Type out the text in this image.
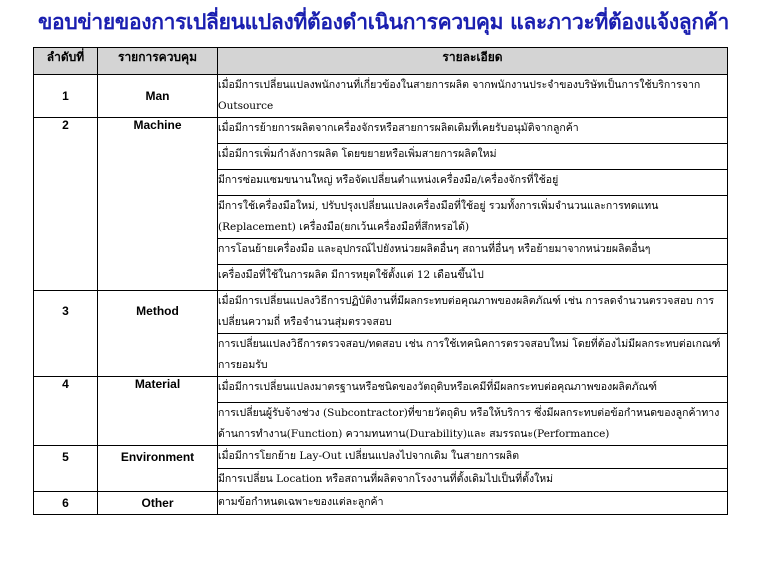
ขอบข่ายของการเปลี่ยนแปลงที่ต้องดำเนินการควบคุม และภาวะที่ต้องแจ้งลูกค้า
ลำดับที่	รายการควบคุม	รายละเอียด
1	Man	เมื่อมีการเปลี่ยนแปลงพนักงานที่เกี่ยวข้องในสายการผลิต จากพนักงานประจำของบริษัทเป็นการใช้บริการจาก Outsource
2	Machine	เมื่อมีการย้ายการผลิตจากเครื่องจักรหรือสายการผลิตเดิมที่เคยรับอนุมัติจากลูกค้า
		เมื่อมีการเพิ่มกำลังการผลิต โดยขยายหรือเพิ่มสายการผลิตใหม่
		มีการซ่อมแซมขนานใหญ่ หรือจัดเปลี่ยนตำแหน่งเครื่องมือ/เครื่องจักรที่ใช้อยู่
		มีการใช้เครื่องมือใหม่, ปรับปรุงเปลี่ยนแปลงเครื่องมือที่ใช้อยู่ รวมทั้งการเพิ่มจำนวนและการทดแทน (Replacement) เครื่องมือ(ยกเว้นเครื่องมือที่สึกหรอได้)
		การโอนย้ายเครื่องมือ และอุปกรณ์ไปยังหน่วยผลิตอื่นๆ สถานที่อื่นๆ หรือย้ายมาจากหน่วยผลิตอื่นๆ
		เครื่องมือที่ใช้ในการผลิต มีการหยุดใช้ตั้งแต่ 12 เดือนขึ้นไป
3	Method	เมื่อมีการเปลี่ยนแปลงวิธีการปฏิบัติงานที่มีผลกระทบต่อคุณภาพของผลิตภัณฑ์ เช่น การลดจำนวนตรวจสอบ การเปลี่ยนความถี่ หรือจำนวนสุ่มตรวจสอบ
		การเปลี่ยนแปลงวิธีการตรวจสอบ/ทดสอบ เช่น การใช้เทคนิคการตรวจสอบใหม่ โดยที่ต้องไม่มีผลกระทบต่อเกณฑ์การยอมรับ
4	Material	เมื่อมีการเปลี่ยนแปลงมาตรฐานหรือชนิดของวัตถุดิบหรือเคมีที่มีผลกระทบต่อคุณภาพของผลิตภัณฑ์
		การเปลี่ยนผู้รับจ้างช่วง (Subcontractor)ที่ขายวัตถุดิบ หรือให้บริการ ซึ่งมีผลกระทบต่อข้อกำหนดของลูกค้าทางด้านการทำงาน(Function) ความทนทาน(Durability)และ สมรรถนะ(Performance)
5	Environment	เมื่อมีการโยกย้าย Lay-Out เปลี่ยนแปลงไปจากเดิม ในสายการผลิต
		มีการเปลี่ยน Location หรือสถานที่ผลิตจากโรงงานที่ตั้งเดิมไปเป็นที่ตั้งใหม่
6	Other	ตามข้อกำหนดเฉพาะของแต่ละลูกค้า
